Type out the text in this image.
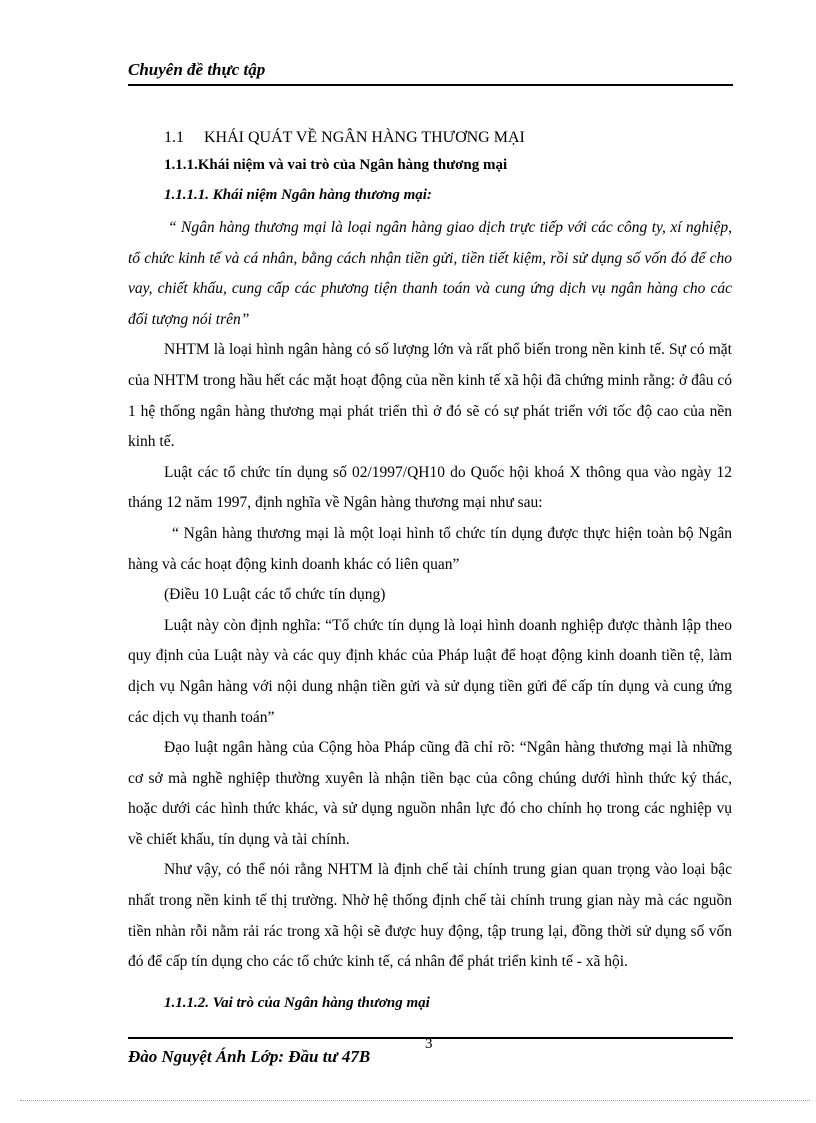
Chuyên đề thực tập
1.1 KHÁI QUÁT VỀ NGÂN HÀNG THƯƠNG MẠI
1.1.1.Khái niệm và vai trò của Ngân hàng thương mại
1.1.1.1. Khái niệm Ngân hàng thương mại:

“ Ngân hàng thương mại là loại ngân hàng giao dịch trực tiếp với các công ty, xí nghiệp, tổ chức kinh tế và cá nhân, bằng cách nhận tiền gửi, tiền tiết kiệm, rồi sử dụng số vốn đó để cho vay, chiết khấu, cung cấp các phương tiện thanh toán và cung ứng dịch vụ ngân hàng cho các đối tượng nói trên”

NHTM là loại hình ngân hàng có số lượng lớn và rất phổ biến trong nền kinh tế. Sự có mặt của NHTM trong hầu hết các mặt hoạt động của nền kinh tế xã hội đã chứng minh rằng: ở đâu có 1 hệ thống ngân hàng thương mại phát triển thì ở đó sẽ có sự phát triển với tốc độ cao của nền kinh tế.

Luật các tổ chức tín dụng số 02/1997/QH10 do Quốc hội khoá X thông qua vào ngày 12 tháng 12 năm 1997, định nghĩa về Ngân hàng thương mại như sau:

“ Ngân hàng thương mại là một loại hình tổ chức tín dụng được thực hiện toàn bộ Ngân hàng và các hoạt động kinh doanh khác có liên quan”

(Điều 10 Luật các tổ chức tín dụng)

Luật này còn định nghĩa: “Tổ chức tín dụng là loại hình doanh nghiệp được thành lập theo quy định của Luật này và các quy định khác của Pháp luật để hoạt động kinh doanh tiền tệ, làm dịch vụ Ngân hàng với nội dung nhận tiền gửi và sử dụng tiền gửi để cấp tín dụng và cung ứng các dịch vụ thanh toán”

Đạo luật ngân hàng của Cộng hòa Pháp cũng đã chỉ rõ: “Ngân hàng thương mại là những cơ sở mà nghề nghiệp thường xuyên là nhận tiền bạc của công chúng dưới hình thức ký thác, hoặc dưới các hình thức khác, và sử dụng nguồn nhân lực đó cho chính họ trong các nghiệp vụ về chiết khấu, tín dụng và tài chính.

Như vậy, có thể nói rằng NHTM là định chế tài chính trung gian quan trọng vào loại bậc nhất trong nền kinh tế thị trường. Nhờ hệ thống định chế tài chính trung gian này mà các nguồn tiền nhàn rỗi nằm rải rác trong xã hội sẽ được huy động, tập trung lại, đồng thời sử dụng số vốn đó để cấp tín dụng cho các tổ chức kinh tế, cá nhân để phát triển kinh tế - xã hội.

1.1.1.2. Vai trò của Ngân hàng thương mại
Đào Nguyệt Ánh Lớp: Đầu tư 47B
3
